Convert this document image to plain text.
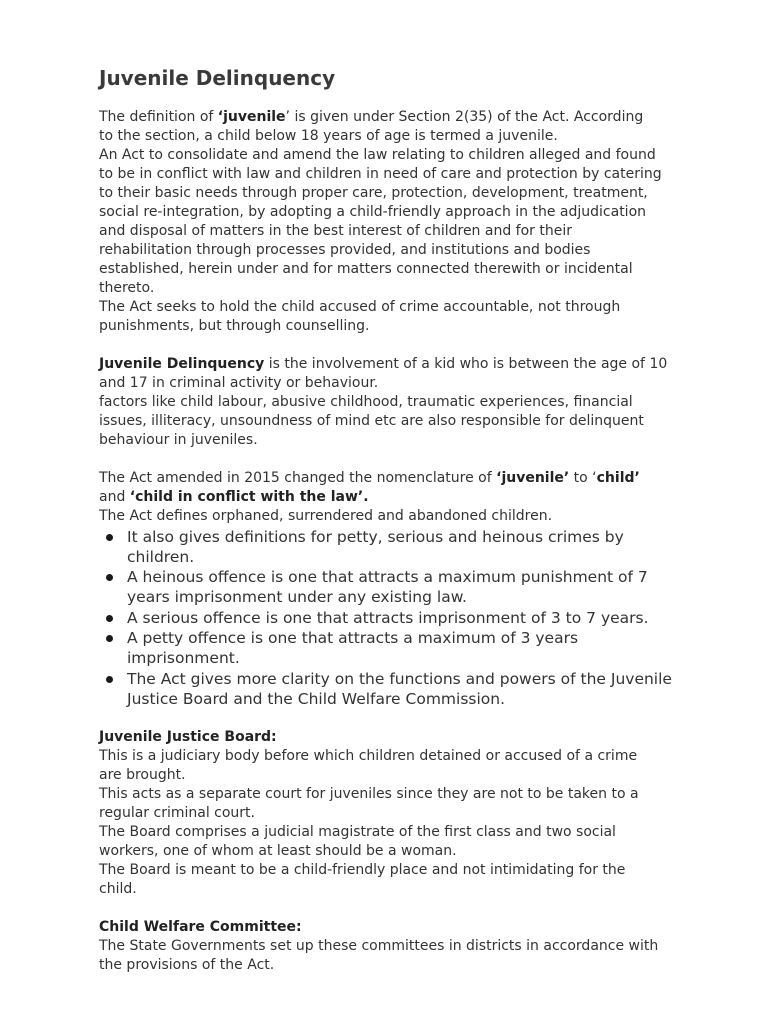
Juvenile Delinquency

The definition of ‘juvenile’ is given under Section 2(35) of the Act. According

to the section, a child below 18 years of age is termed a juvenile.

An Act to consolidate and amend the law relating to children alleged and found

to be in conflict with law and children in need of care and protection by catering

to their basic needs through proper care, protection, development, treatment,

social re-integration, by adopting a child-friendly approach in the adjudication

and disposal of matters in the best interest of children and for their

rehabilitation through processes provided, and institutions and bodies

established, herein under and for matters connected therewith or incidental

thereto.

The Act seeks to hold the child accused of crime accountable, not through

punishments, but through counselling.

Juvenile Delinquency is the involvement of a kid who is between the age of 10

and 17 in criminal activity or behaviour.

factors like child labour, abusive childhood, traumatic experiences, financial

issues, illiteracy, unsoundness of mind etc are also responsible for delinquent

behaviour in juveniles.

The Act amended in 2015 changed the nomenclature of ‘juvenile’ to ‘child’

and ‘child in conflict with the law’.

The Act defines orphaned, surrendered and abandoned children.

It also gives definitions for petty, serious and heinous crimes by

children.

A heinous offence is one that attracts a maximum punishment of 7

years imprisonment under any existing law.

A serious offence is one that attracts imprisonment of 3 to 7 years.

A petty offence is one that attracts a maximum of 3 years

imprisonment.

The Act gives more clarity on the functions and powers of the Juvenile

Justice Board and the Child Welfare Commission.

Juvenile Justice Board:

This is a judiciary body before which children detained or accused of a crime

are brought.

This acts as a separate court for juveniles since they are not to be taken to a

regular criminal court.

The Board comprises a judicial magistrate of the first class and two social

workers, one of whom at least should be a woman.

The Board is meant to be a child-friendly place and not intimidating for the

child.

Child Welfare Committee:

The State Governments set up these committees in districts in accordance with

the provisions of the Act.
